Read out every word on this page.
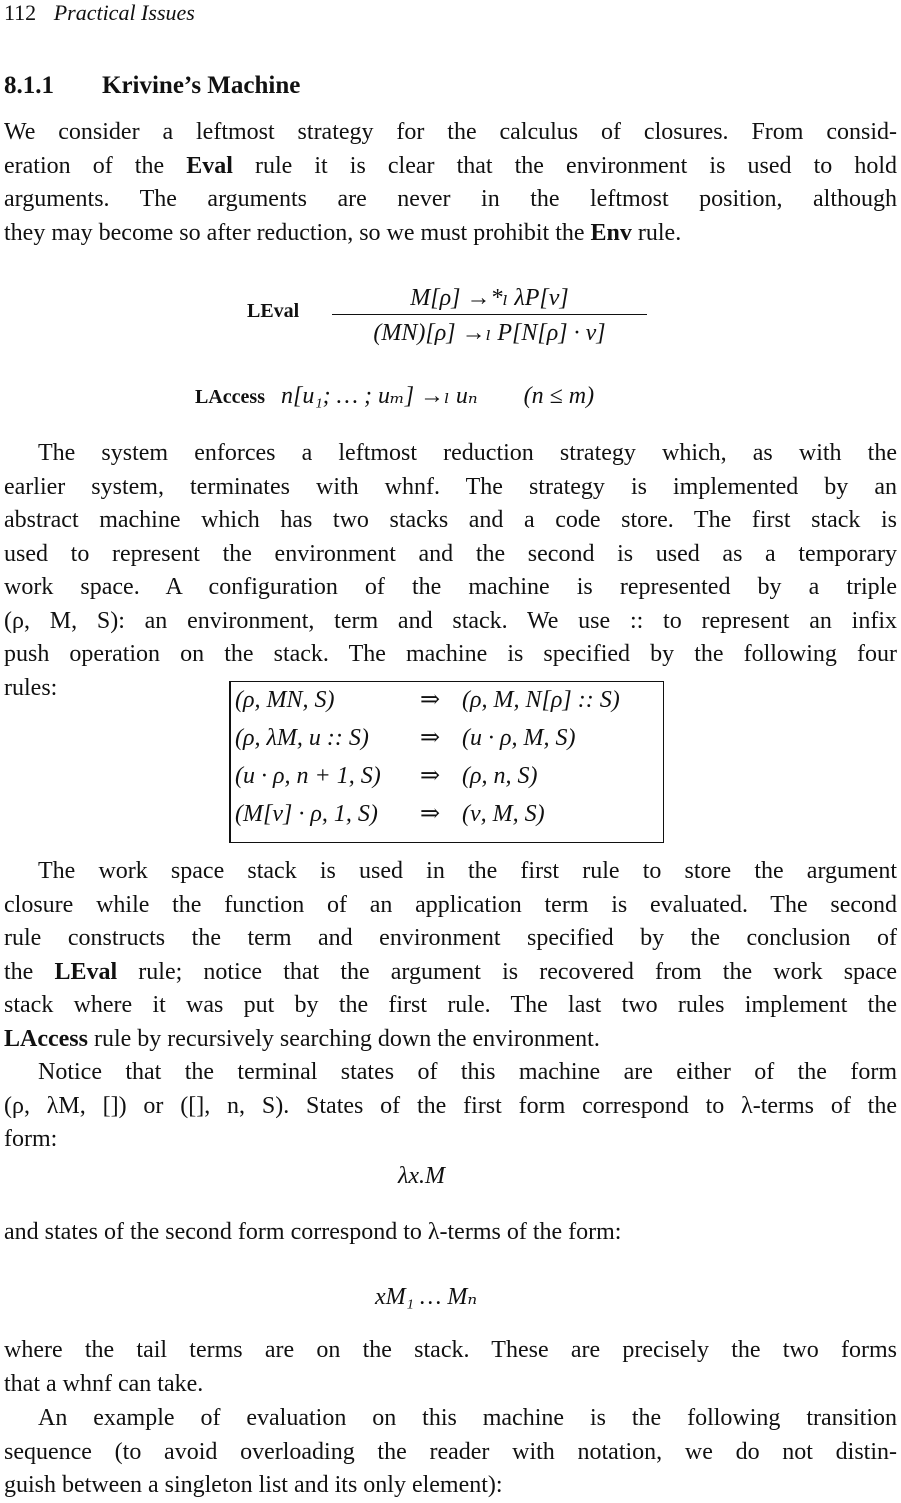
112 Practical Issues
8.1.1 Krivine’s Machine
We consider a leftmost strategy for the calculus of closures. From consid-
eration of the Eval rule it is clear that the environment is used to hold
arguments. The arguments are never in the leftmost position, although
they may become so after reduction, so we must prohibit the Env rule.
LEval	M[ρ] →*ₗ λP[ν]
(MN)[ρ] →ₗ P[N[ρ] · ν]
LAccess n[u₁; … ; uₘ] →ₗ uₙ (n ≤ m)
The system enforces a leftmost reduction strategy which, as with the
earlier system, terminates with whnf. The strategy is implemented by an
abstract machine which has two stacks and a code store. The first stack is
used to represent the environment and the second is used as a temporary
work space. A configuration of the machine is represented by a triple
(ρ, M, S): an environment, term and stack. We use :: to represent an infix
push operation on the stack. The machine is specified by the following four
rules:	(ρ, MN, S)	⇒ (ρ, M, N[ρ] :: S)
(ρ, λM, u :: S)	⇒ (u · ρ, M, S)
(u · ρ, n + 1, S)	⇒ (ρ, n, S)
(M[ν] · ρ, 1, S)	⇒ (ν, M, S)
The work space stack is used in the first rule to store the argument
closure while the function of an application term is evaluated. The second
rule constructs the term and environment specified by the conclusion of
the LEval rule; notice that the argument is recovered from the work space
stack where it was put by the first rule. The last two rules implement the
LAccess rule by recursively searching down the environment.
Notice that the terminal states of this machine are either of the form
(ρ, λM, []) or ([], n, S). States of the first form correspond to λ-terms of the
form:
λx.M
and states of the second form correspond to λ-terms of the form:
xM₁ … Mₙ
where the tail terms are on the stack. These are precisely the two forms
that a whnf can take.
An example of evaluation on this machine is the following transition
sequence (to avoid overloading the reader with notation, we do not distin-
guish between a singleton list and its only element):
